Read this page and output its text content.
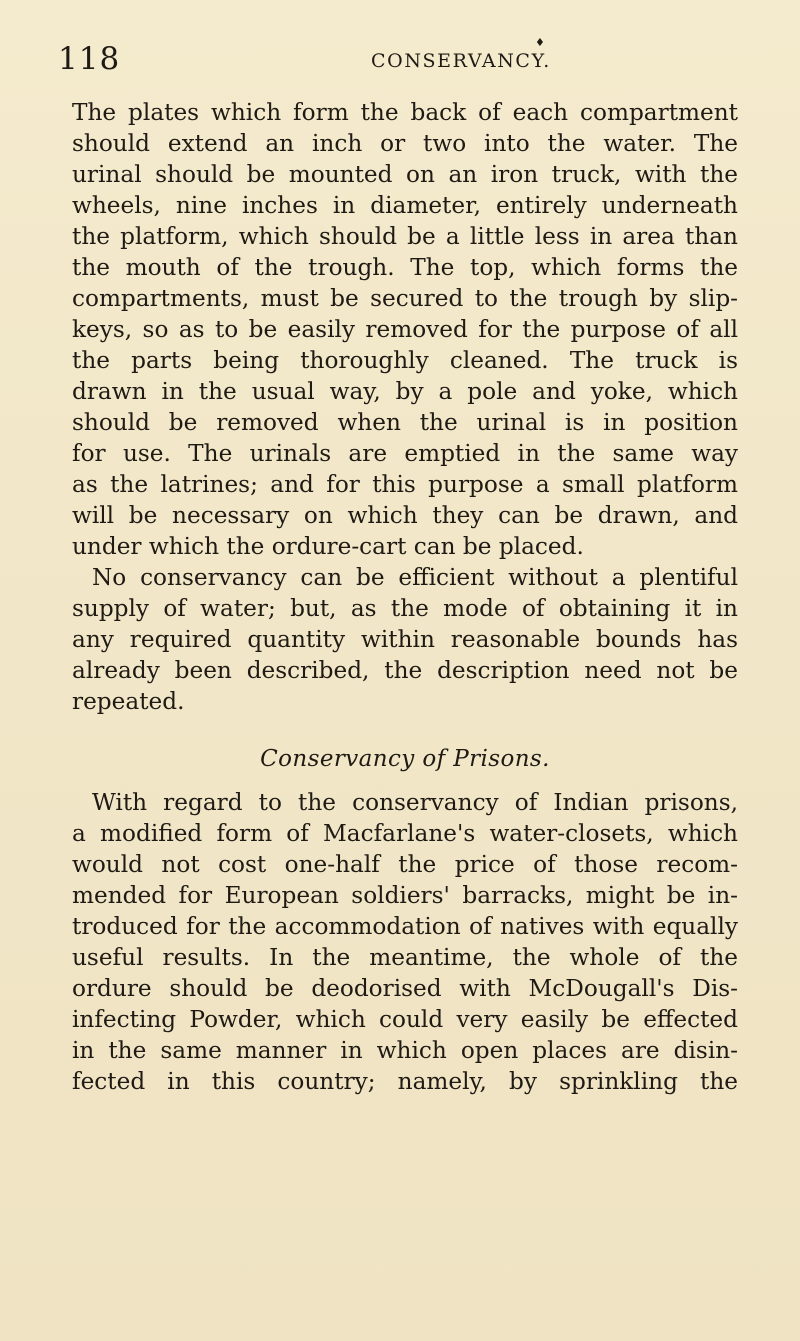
118	♦
CONSERVANCY.
The plates which form the back of each compartment
should extend an inch or two into the water. The
urinal should be mounted on an iron truck, with the
wheels, nine inches in diameter, entirely underneath
the platform, which should be a little less in area than
the mouth of the trough. The top, which forms the
compartments, must be secured to the trough by slip-
keys, so as to be easily removed for the purpose of all
the parts being thoroughly cleaned. The truck is
drawn in the usual way, by a pole and yoke, which
should be removed when the urinal is in position
for use. The urinals are emptied in the same way
as the latrines; and for this purpose a small platform
will be necessary on which they can be drawn, and
under which the ordure-cart can be placed.
No conservancy can be efficient without a plentiful
supply of water; but, as the mode of obtaining it in
any required quantity within reasonable bounds has
already been described, the description need not be
repeated.
Conservancy of Prisons.
With regard to the conservancy of Indian prisons,
a modified form of Macfarlane's water-closets, which
would not cost one-half the price of those recom-
mended for European soldiers' barracks, might be in-
troduced for the accommodation of natives with equally
useful results. In the meantime, the whole of the
ordure should be deodorised with McDougall's Dis-
infecting Powder, which could very easily be effected
in the same manner in which open places are disin-
fected in this country; namely, by sprinkling the
